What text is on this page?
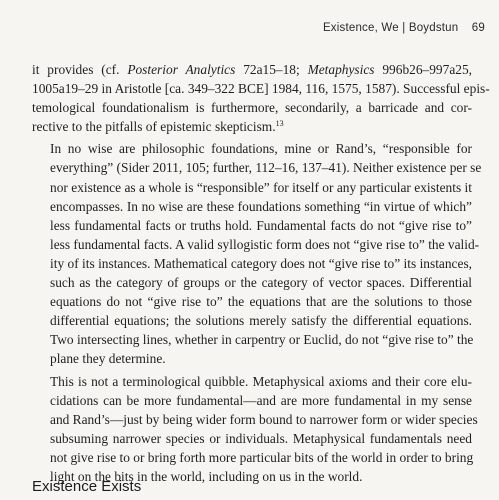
Existence, We | Boydstun 69

it provides (cf. Posterior Analytics 72a15–18; Metaphysics 996b26–997a25,
1005a19–29 in Aristotle [ca. 349–322 BCE] 1984, 116, 1575, 1587). Successful epis-
temological foundationalism is furthermore, secondarily, a barricade and cor-
rective to the pitfalls of epistemic skepticism.$^{13}$

In no wise are philosophic foundations, mine or Rand’s, “responsible for
everything” (Sider 2011, 105; further, 112–16, 137–41). Neither existence per se
nor existence as a whole is “responsible” for itself or any particular existents it
encompasses. In no wise are these foundations something “in virtue of which”
less fundamental facts or truths hold. Fundamental facts do not “give rise to”
less fundamental facts. A valid syllogistic form does not “give rise to” the valid-
ity of its instances. Mathematical category does not “give rise to” its instances,
such as the category of groups or the category of vector spaces. Differential
equations do not “give rise to” the equations that are the solutions to those
differential equations; the solutions merely satisfy the differential equations.
Two intersecting lines, whether in carpentry or Euclid, do not “give rise to” the
plane they determine.

This is not a terminological quibble. Metaphysical axioms and their core elu-
cidations can be more fundamental—and are more fundamental in my sense
and Rand’s—just by being wider form bound to narrower form or wider species
subsuming narrower species or individuals. Metaphysical fundamentals need
not give rise to or bring forth more particular bits of the world in order to bring
light on the bits in the world, including on us in the world.

Existence Exists
